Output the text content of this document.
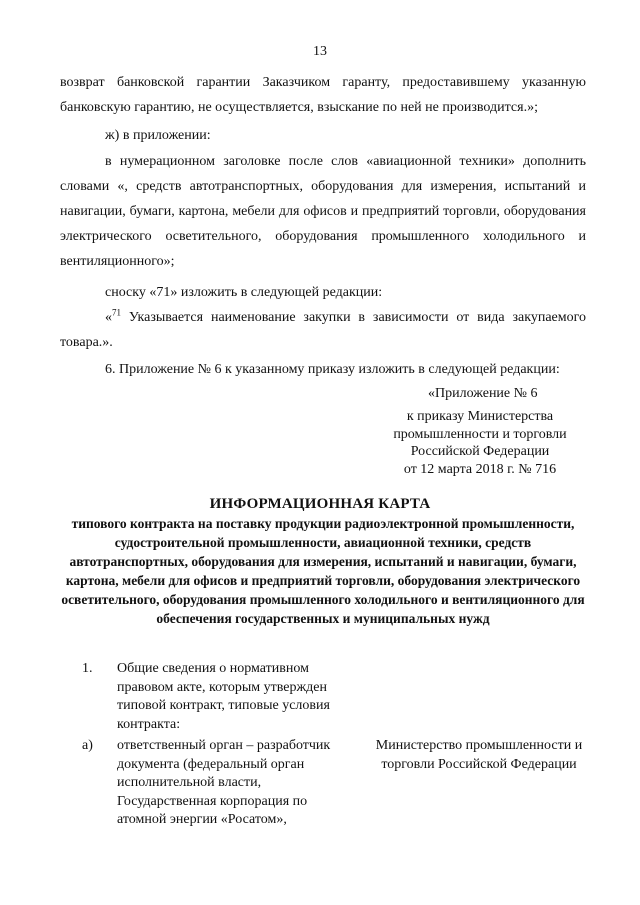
13
возврат банковской гарантии Заказчиком гаранту, предоставившему указанную
банковскую гарантию, не осуществляется, взыскание по ней не производится.»;
ж) в приложении:

в нумерационном заголовке после слов «авиационной техники» дополнить словами «, средств автотранспортных, оборудования для измерения, испытаний и навигации, бумаги, картона, мебели для офисов и предприятий торговли, оборудования электрического осветительного, оборудования промышленного холодильного и вентиляционного»;

сноску «71» изложить в следующей редакции:

«$^{71}$ Указывается наименование закупки в зависимости от вида закупаемого товара.».

6. Приложение № 6 к указанному приказу изложить в следующей редакции:
«Приложение № 6
к приказу Министерства
промышленности и торговли
Российской Федерации
от 12 марта 2018 г. № 716
ИНФОРМАЦИОННАЯ КАРТА

типового контракта на поставку продукции радиоэлектронной промышленности, судостроительной промышленности, авиационной техники, средств автотранспортных, оборудования для измерения, испытаний и навигации, бумаги, картона, мебели для офисов и предприятий торговли, оборудования электрического осветительного, оборудования промышленного холодильного и вентиляционного для обеспечения государственных и муниципальных нужд

1. Общие сведения о нормативном правовом акте, которым утвержден типовой контракт, типовые условия контракта:

а) ответственный орган – разработчик документа (федеральный орган исполнительной власти, Государственная корпорация по атомной энергии «Росатом»,

Министерство промышленности и торговли Российской Федерации
